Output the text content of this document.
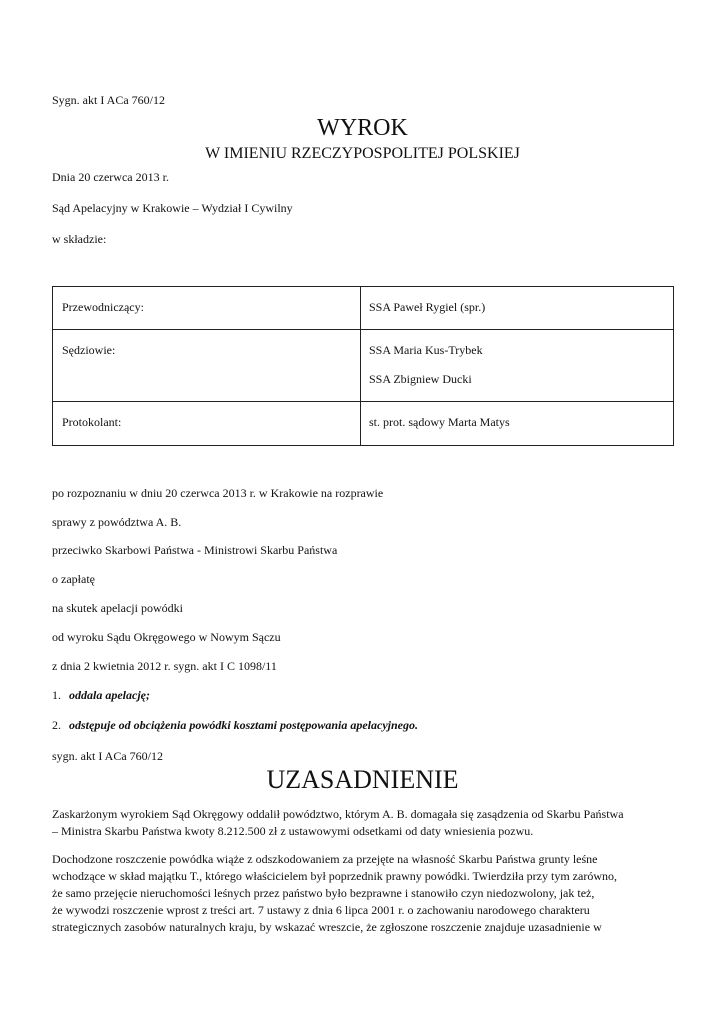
Sygn. akt I ACa 760/12
WYROK
W IMIENIU RZECZYPOSPOLITEJ POLSKIEJ
Dnia 20 czerwca 2013 r.
Sąd Apelacyjny w Krakowie – Wydział I Cywilny
w składzie:
Przewodniczący:	SSA Paweł Rygiel (spr.)

Sędziowie:	SSA Maria Kus-Trybek
SSA Zbigniew Ducki

Protokolant:	st. prot. sądowy Marta Matys
po rozpoznaniu w dniu 20 czerwca 2013 r. w Krakowie na rozprawie
sprawy z powództwa A. B.
przeciwko Skarbowi Państwa - Ministrowi Skarbu Państwa
o zapłatę
na skutek apelacji powódki
od wyroku Sądu Okręgowego w Nowym Sączu
z dnia 2 kwietnia 2012 r. sygn. akt I C 1098/11
1. oddala apelację;
2. odstępuje od obciążenia powódki kosztami postępowania apelacyjnego.
sygn. akt I ACa 760/12
UZASADNIENIE
Zaskarżonym wyrokiem Sąd Okręgowy oddalił powództwo, którym A. B. domagała się zasądzenia od Skarbu Państwa
– Ministra Skarbu Państwa kwoty 8.212.500 zł z ustawowymi odsetkami od daty wniesienia pozwu.
Dochodzone roszczenie powódka wiąże z odszkodowaniem za przejęte na własność Skarbu Państwa grunty leśne
wchodzące w skład majątku T., którego właścicielem był poprzednik prawny powódki. Twierdziła przy tym zarówno,
że samo przejęcie nieruchomości leśnych przez państwo było bezprawne i stanowiło czyn niedozwolony, jak też,
że wywodzi roszczenie wprost z treści art. 7 ustawy z dnia 6 lipca 2001 r. o zachowaniu narodowego charakteru
strategicznych zasobów naturalnych kraju, by wskazać wreszcie, że zgłoszone roszczenie znajduje uzasadnienie w
